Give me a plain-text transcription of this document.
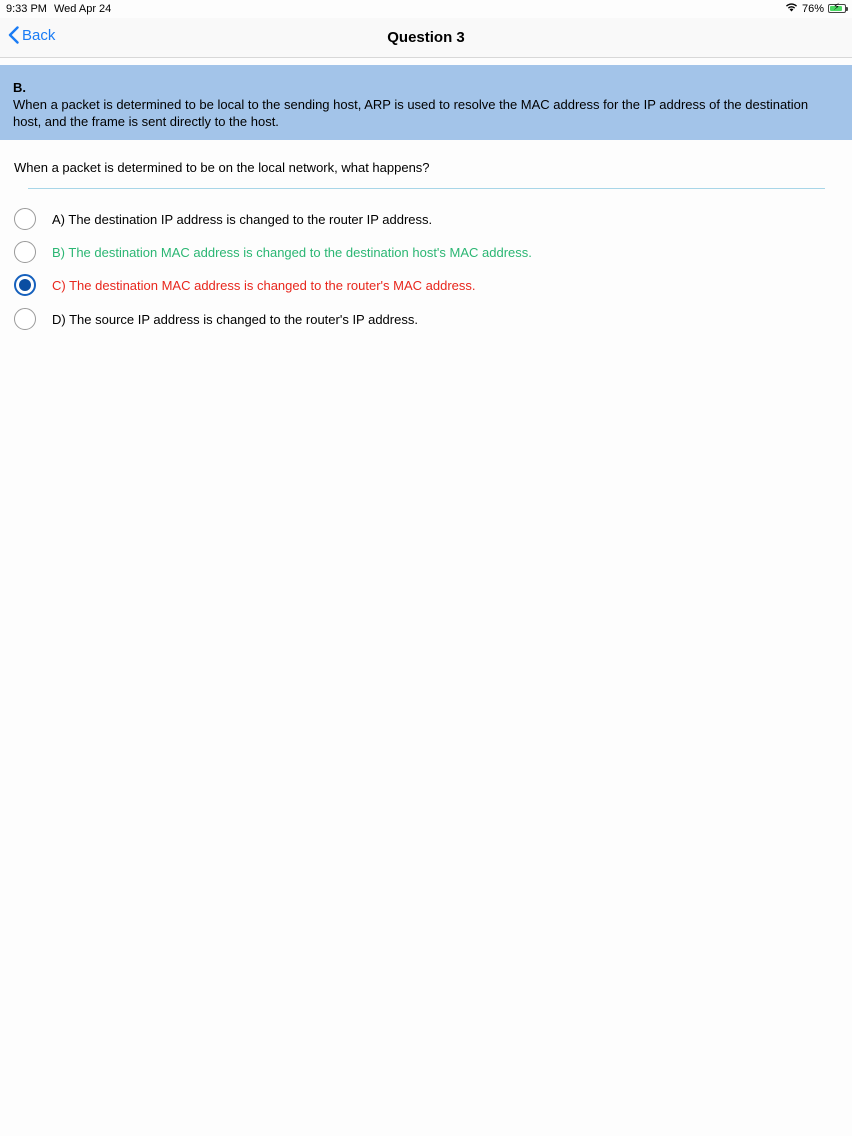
9:33 PM Wed Apr 24	76% ⚡
Back	Question 3
B.
When a packet is determined to be local to the sending host, ARP is used to resolve the MAC address for the IP address of the destination host, and the frame is sent directly to the host.
When a packet is determined to be on the local network, what happens?
A) The destination IP address is changed to the router IP address.
B) The destination MAC address is changed to the destination host's MAC address.
C) The destination MAC address is changed to the router's MAC address.
D) The source IP address is changed to the router's IP address.
